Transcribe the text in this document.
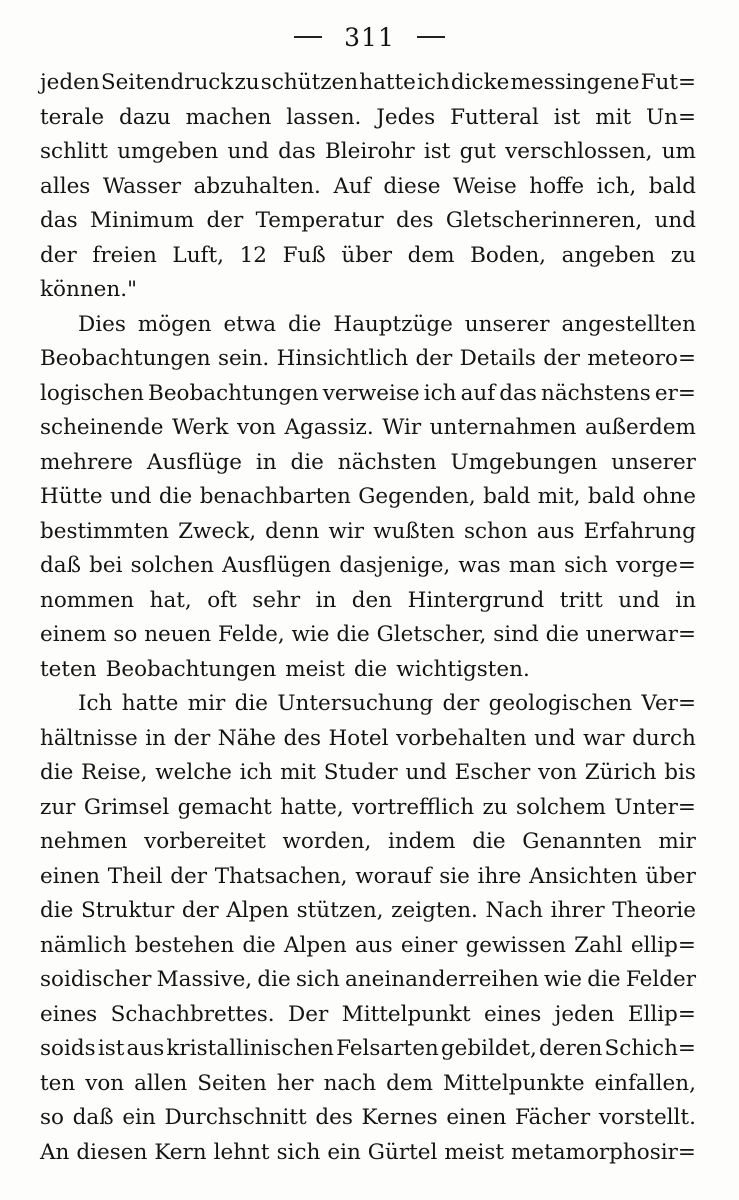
311
jeden Seitendruck zu schützen hatte ich dicke messingene Fut=
terale dazu machen lassen. Jedes Futteral ist mit Un=
schlitt umgeben und das Bleirohr ist gut verschlossen, um
alles Wasser abzuhalten. Auf diese Weise hoffe ich, bald
das Minimum der Temperatur des Gletscherinneren, und
der freien Luft, 12 Fuß über dem Boden, angeben zu
können."
Dies mögen etwa die Hauptzüge unserer angestellten
Beobachtungen sein. Hinsichtlich der Details der meteoro=
logischen Beobachtungen verweise ich auf das nächstens er=
scheinende Werk von Agassiz. Wir unternahmen außerdem
mehrere Ausflüge in die nächsten Umgebungen unserer
Hütte und die benachbarten Gegenden, bald mit, bald ohne
bestimmten Zweck, denn wir wußten schon aus Erfahrung
daß bei solchen Ausflügen dasjenige, was man sich vorge=
nommen hat, oft sehr in den Hintergrund tritt und in
einem so neuen Felde, wie die Gletscher, sind die unerwar=
teten Beobachtungen meist die wichtigsten.
Ich hatte mir die Untersuchung der geologischen Ver=
hältnisse in der Nähe des Hotel vorbehalten und war durch
die Reise, welche ich mit Studer und Escher von Zürich bis
zur Grimsel gemacht hatte, vortrefflich zu solchem Unter=
nehmen vorbereitet worden, indem die Genannten mir
einen Theil der Thatsachen, worauf sie ihre Ansichten über
die Struktur der Alpen stützen, zeigten. Nach ihrer Theorie
nämlich bestehen die Alpen aus einer gewissen Zahl ellip=
soidischer Massive, die sich aneinanderreihen wie die Felder
eines Schachbrettes. Der Mittelpunkt eines jeden Ellip=
soids ist aus kristallinischen Felsarten gebildet, deren Schich=
ten von allen Seiten her nach dem Mittelpunkte einfallen,
so daß ein Durchschnitt des Kernes einen Fächer vorstellt.
An diesen Kern lehnt sich ein Gürtel meist metamorphosir=
